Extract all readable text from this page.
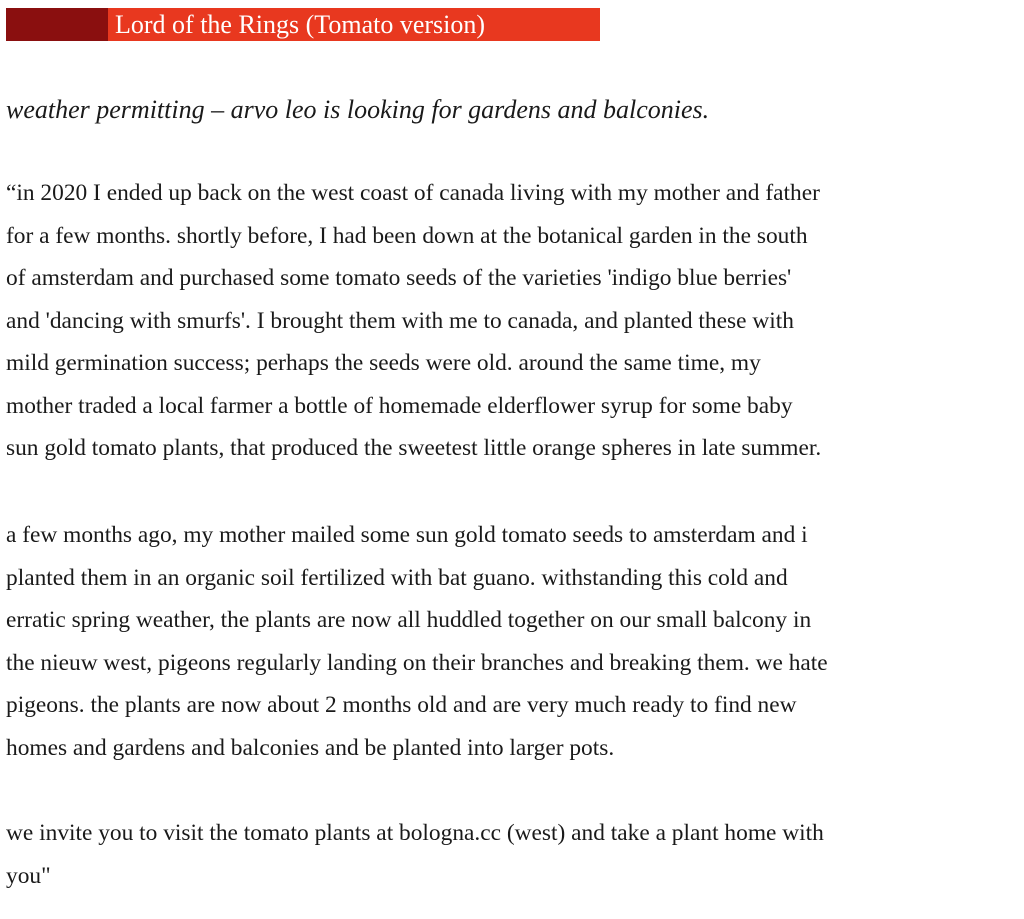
Lord of the Rings (Tomato version)
weather permitting – arvo leo is looking for gardens and balconies.

“in 2020 I ended up back on the west coast of canada living with my mother and father
for a few months. shortly before, I had been down at the botanical garden in the south
of amsterdam and purchased some tomato seeds of the varieties 'indigo blue berries'
and 'dancing with smurfs'. I brought them with me to canada, and planted these with
mild germination success; perhaps the seeds were old. around the same time, my
mother traded a local farmer a bottle of homemade elderflower syrup for some baby
sun gold tomato plants, that produced the sweetest little orange spheres in late summer.

a few months ago, my mother mailed some sun gold tomato seeds to amsterdam and i
planted them in an organic soil fertilized with bat guano. withstanding this cold and
erratic spring weather, the plants are now all huddled together on our small balcony in
the nieuw west, pigeons regularly landing on their branches and breaking them. we hate
pigeons. the plants are now about 2 months old and are very much ready to find new
homes and gardens and balconies and be planted into larger pots.

we invite you to visit the tomato plants at bologna.cc (west) and take a plant home with
you"
